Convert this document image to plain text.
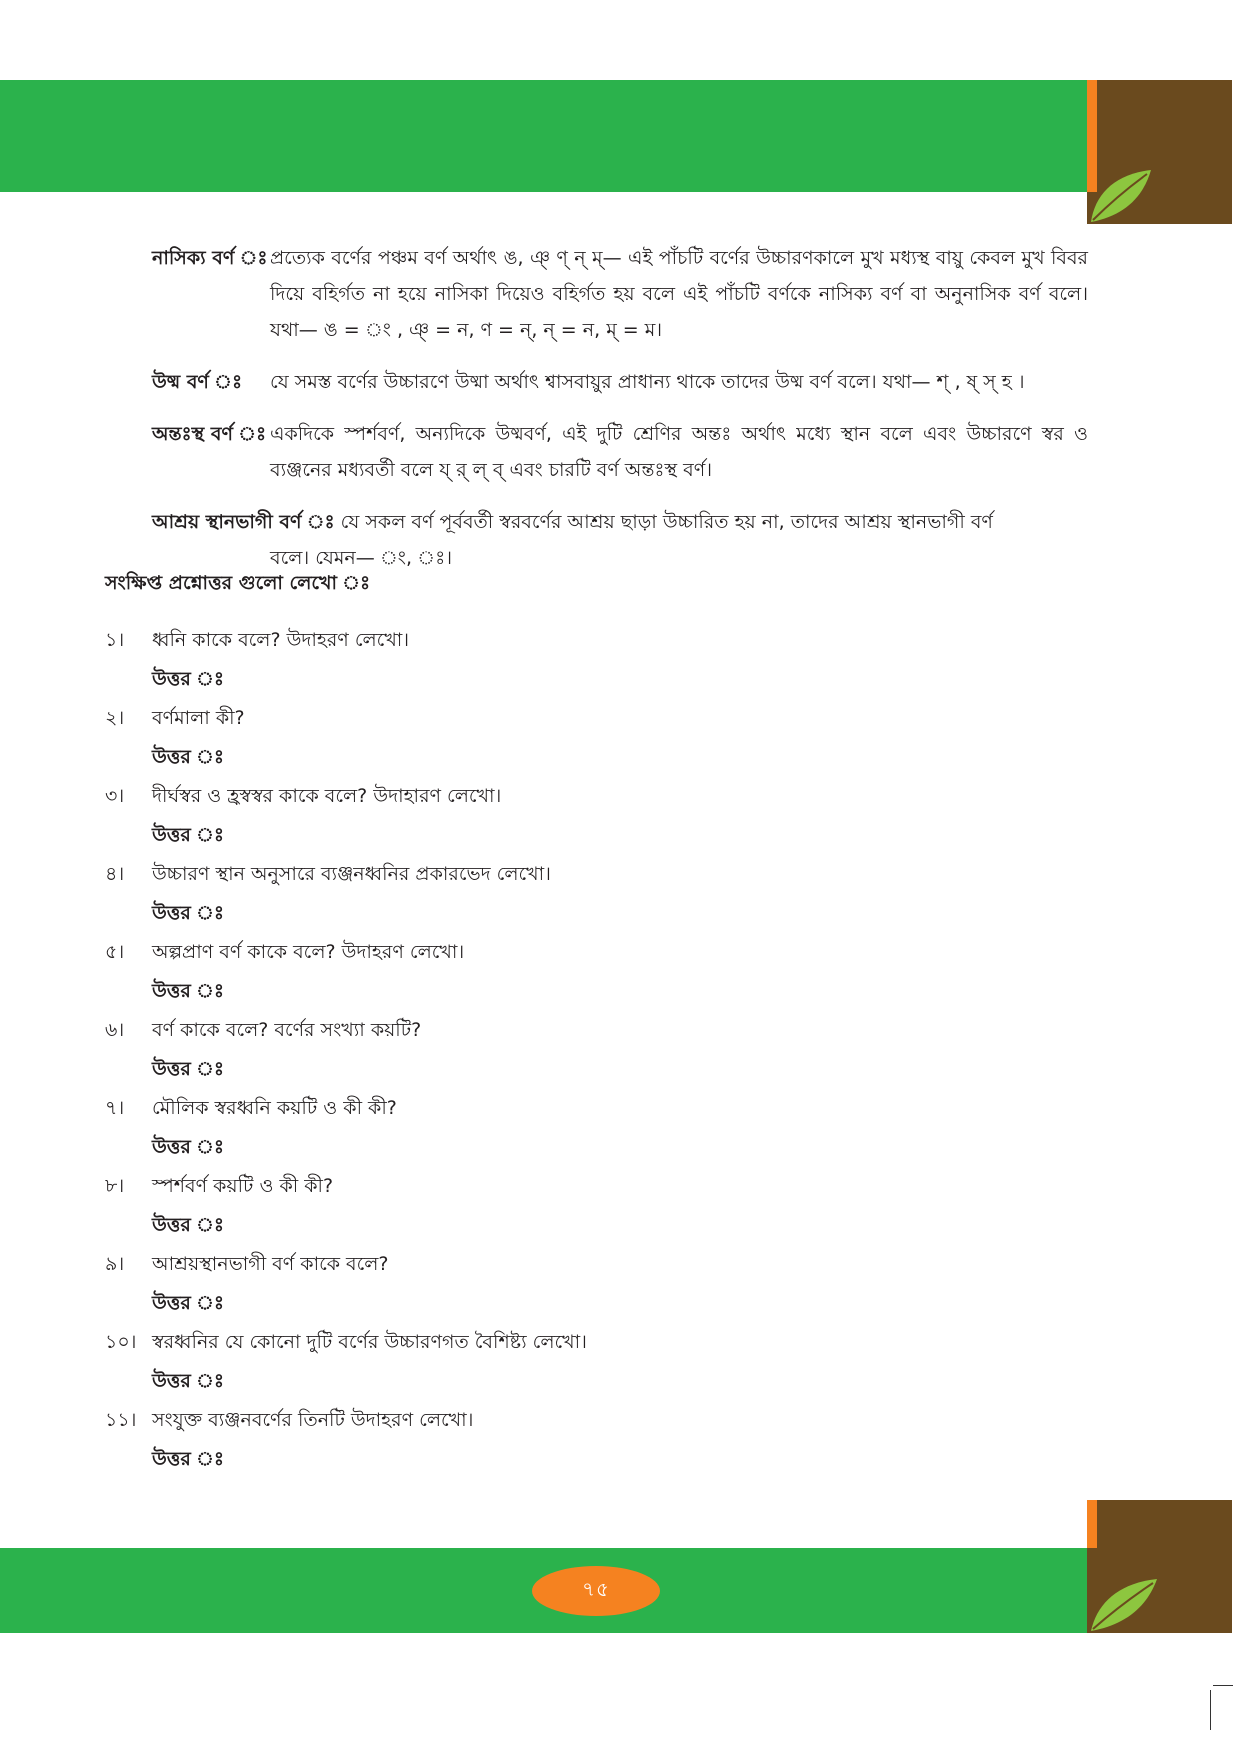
৭৫
নাসিক্য বর্ণ ঃ প্রত্যেক বর্ণের পঞ্চম বর্ণ অর্থাৎ ঙ, ঞ্ ণ্ ন্ ম্— এই পাঁচটি বর্ণের উচ্চারণকালে মুখ মধ্যস্থ বায়ু কেবল মুখ বিবর দিয়ে বহির্গত না হয়ে নাসিকা দিয়েও বহির্গত হয় বলে এই পাঁচটি বর্ণকে নাসিক্য বর্ণ বা অনুনাসিক বর্ণ বলে। যথা— ঙ = ং , ঞ্ = ন, ণ = ন্, ন্ = ন, ম্ = ম।
উষ্ম বর্ণ ঃ	যে সমস্ত বর্ণের উচ্চারণে উষ্মা অর্থাৎ শ্বাসবায়ুর প্রাধান্য থাকে তাদের উষ্ম বর্ণ বলে। যথা— শ্ , ষ্ স্ হ ।
অন্তঃস্থ বর্ণ ঃ একদিকে স্পর্শবর্ণ, অন্যদিকে উষ্মবর্ণ, এই দুটি শ্রেণির অন্তঃ অর্থাৎ মধ্যে স্থান বলে এবং উচ্চারণে স্বর ও ব্যঞ্জনের মধ্যবর্তী বলে য্ র্ ল্ ব্ এবং চারটি বর্ণ অন্তঃস্থ বর্ণ।
আশ্রয় স্থানভাগী বর্ণ ঃ যে সকল বর্ণ পূর্ববর্তী স্বরবর্ণের আশ্রয় ছাড়া উচ্চারিত হয় না, তাদের আশ্রয় স্থানভাগী বর্ণ
বলে। যেমন— ং, ঃ।
সংক্ষিপ্ত প্রশ্নোত্তর গুলো লেখো ঃ
১।	ধ্বনি কাকে বলে? উদাহরণ লেখো।
উত্তর ঃ
২।	বর্ণমালা কী?
উত্তর ঃ
৩।	দীর্ঘস্বর ও হ্রস্বস্বর কাকে বলে? উদাহারণ লেখো।
উত্তর ঃ
৪।	উচ্চারণ স্থান অনুসারে ব্যঞ্জনধ্বনির প্রকারভেদ লেখো।
উত্তর ঃ
৫।	অল্পপ্রাণ বর্ণ কাকে বলে? উদাহরণ লেখো।
উত্তর ঃ
৬।	বর্ণ কাকে বলে? বর্ণের সংখ্যা কয়টি?
উত্তর ঃ
৭।	মৌলিক স্বরধ্বনি কয়টি ও কী কী?
উত্তর ঃ
৮।	স্পর্শবর্ণ কয়টি ও কী কী?
উত্তর ঃ
৯।	আশ্রয়স্থানভাগী বর্ণ কাকে বলে?
উত্তর ঃ
১০। স্বরধ্বনির যে কোনো দুটি বর্ণের উচ্চারণগত বৈশিষ্ট্য লেখো।
উত্তর ঃ
১১। সংযুক্ত ব্যঞ্জনবর্ণের তিনটি উদাহরণ লেখো।
উত্তর ঃ
